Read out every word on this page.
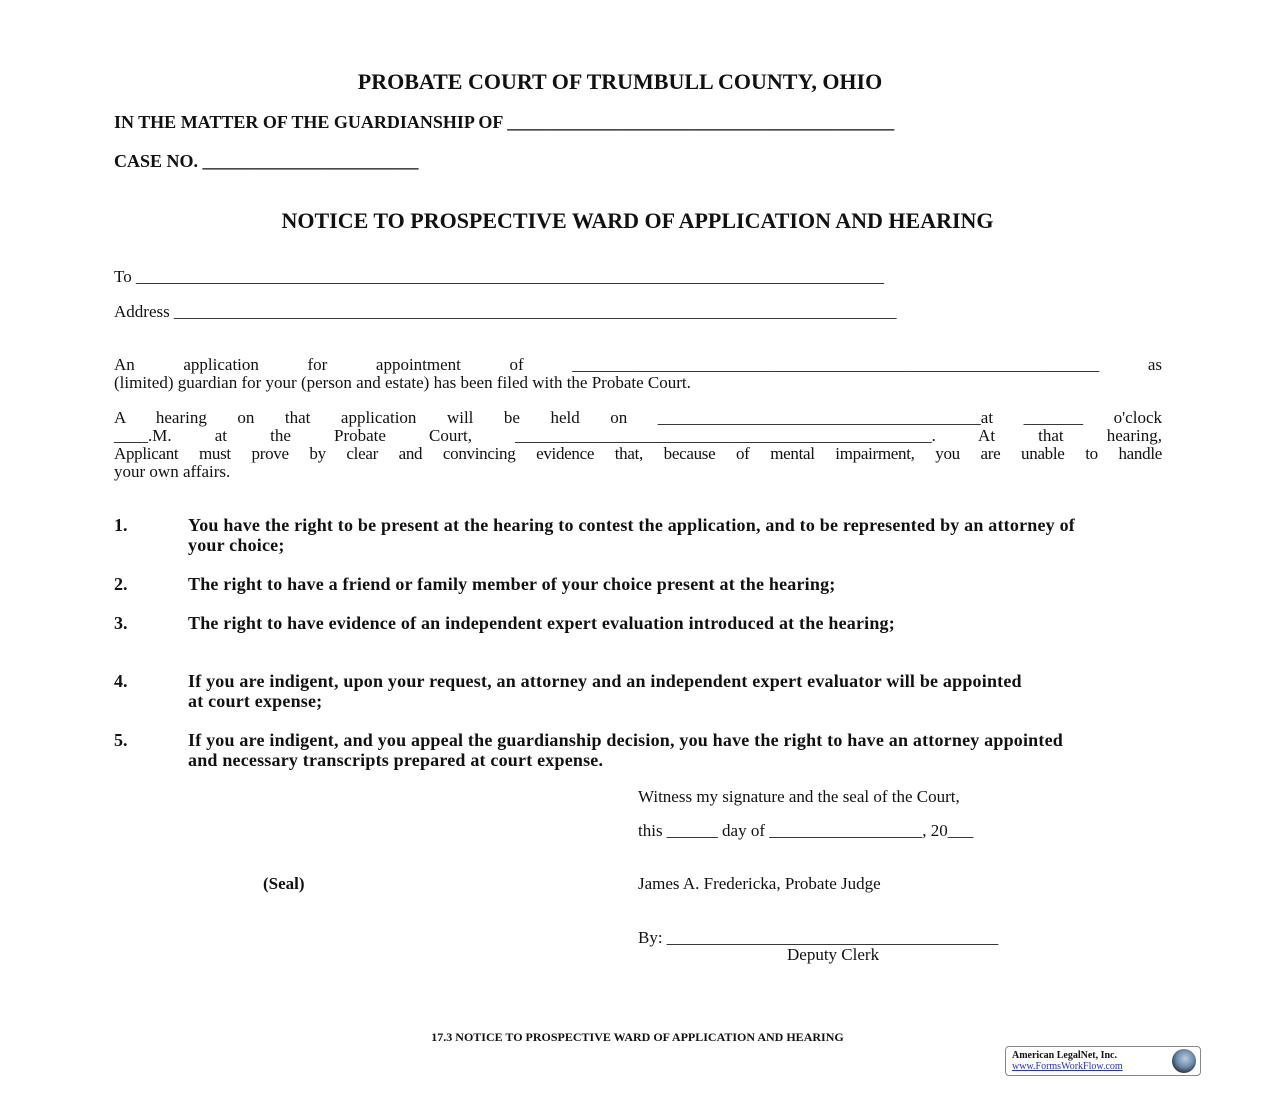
PROBATE COURT OF TRUMBULL COUNTY, OHIO
IN THE MATTER OF THE GUARDIANSHIP OF ___________________________________________
CASE NO. ________________________
NOTICE TO PROSPECTIVE WARD OF APPLICATION AND HEARING
To ________________________________________________________________________________________
Address _____________________________________________________________________________________
An application for appointment of ______________________________________________________________ as
(limited) guardian for your (person and estate) has been filed with the Probate Court.
A hearing on that application will be held on ______________________________________at _______ o'clock
____.M. at the Probate Court, _________________________________________________. At that hearing,
Applicant must prove by clear and convincing evidence that, because of mental impairment, you are unable to handle
your own affairs.
1.	You have the right to be present at the hearing to contest the application, and to be represented by an attorney of your choice;
2.	The right to have a friend or family member of your choice present at the hearing;
3.	The right to have evidence of an independent expert evaluation introduced at the hearing;
4.	If you are indigent, upon your request, an attorney and an independent expert evaluator will be appointed at court expense;
5.	If you are indigent, and you appeal the guardianship decision, you have the right to have an attorney appointed and necessary transcripts prepared at court expense.
Witness my signature and the seal of the Court,
this ______ day of __________________, 20___
(Seal)	James A. Fredericka, Probate Judge
By: _______________________________________
Deputy Clerk
17.3 NOTICE TO PROSPECTIVE WARD OF APPLICATION AND HEARING
American LegalNet, Inc.
www.FormsWorkFlow.com
